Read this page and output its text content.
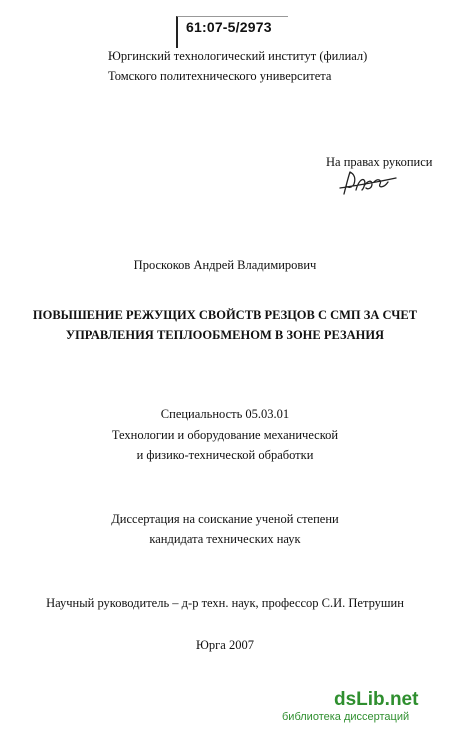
61:07-5/2973
Юргинский технологический институт (филиал)
Томского политехнического университета
На правах рукописи
Проскоков Андрей Владимирович
ПОВЫШЕНИЕ РЕЖУЩИХ СВОЙСТВ РЕЗЦОВ С СМП ЗА СЧЕТ
УПРАВЛЕНИЯ ТЕПЛООБМЕНОМ В ЗОНЕ РЕЗАНИЯ
Специальность 05.03.01
Технологии и оборудование механической
и физико-технической обработки
Диссертация на соискание ученой степени
кандидата технических наук
Научный руководитель – д-р техн. наук, профессор С.И. Петрушин
Юрга 2007
dsLib.net
библиотека диссертаций
